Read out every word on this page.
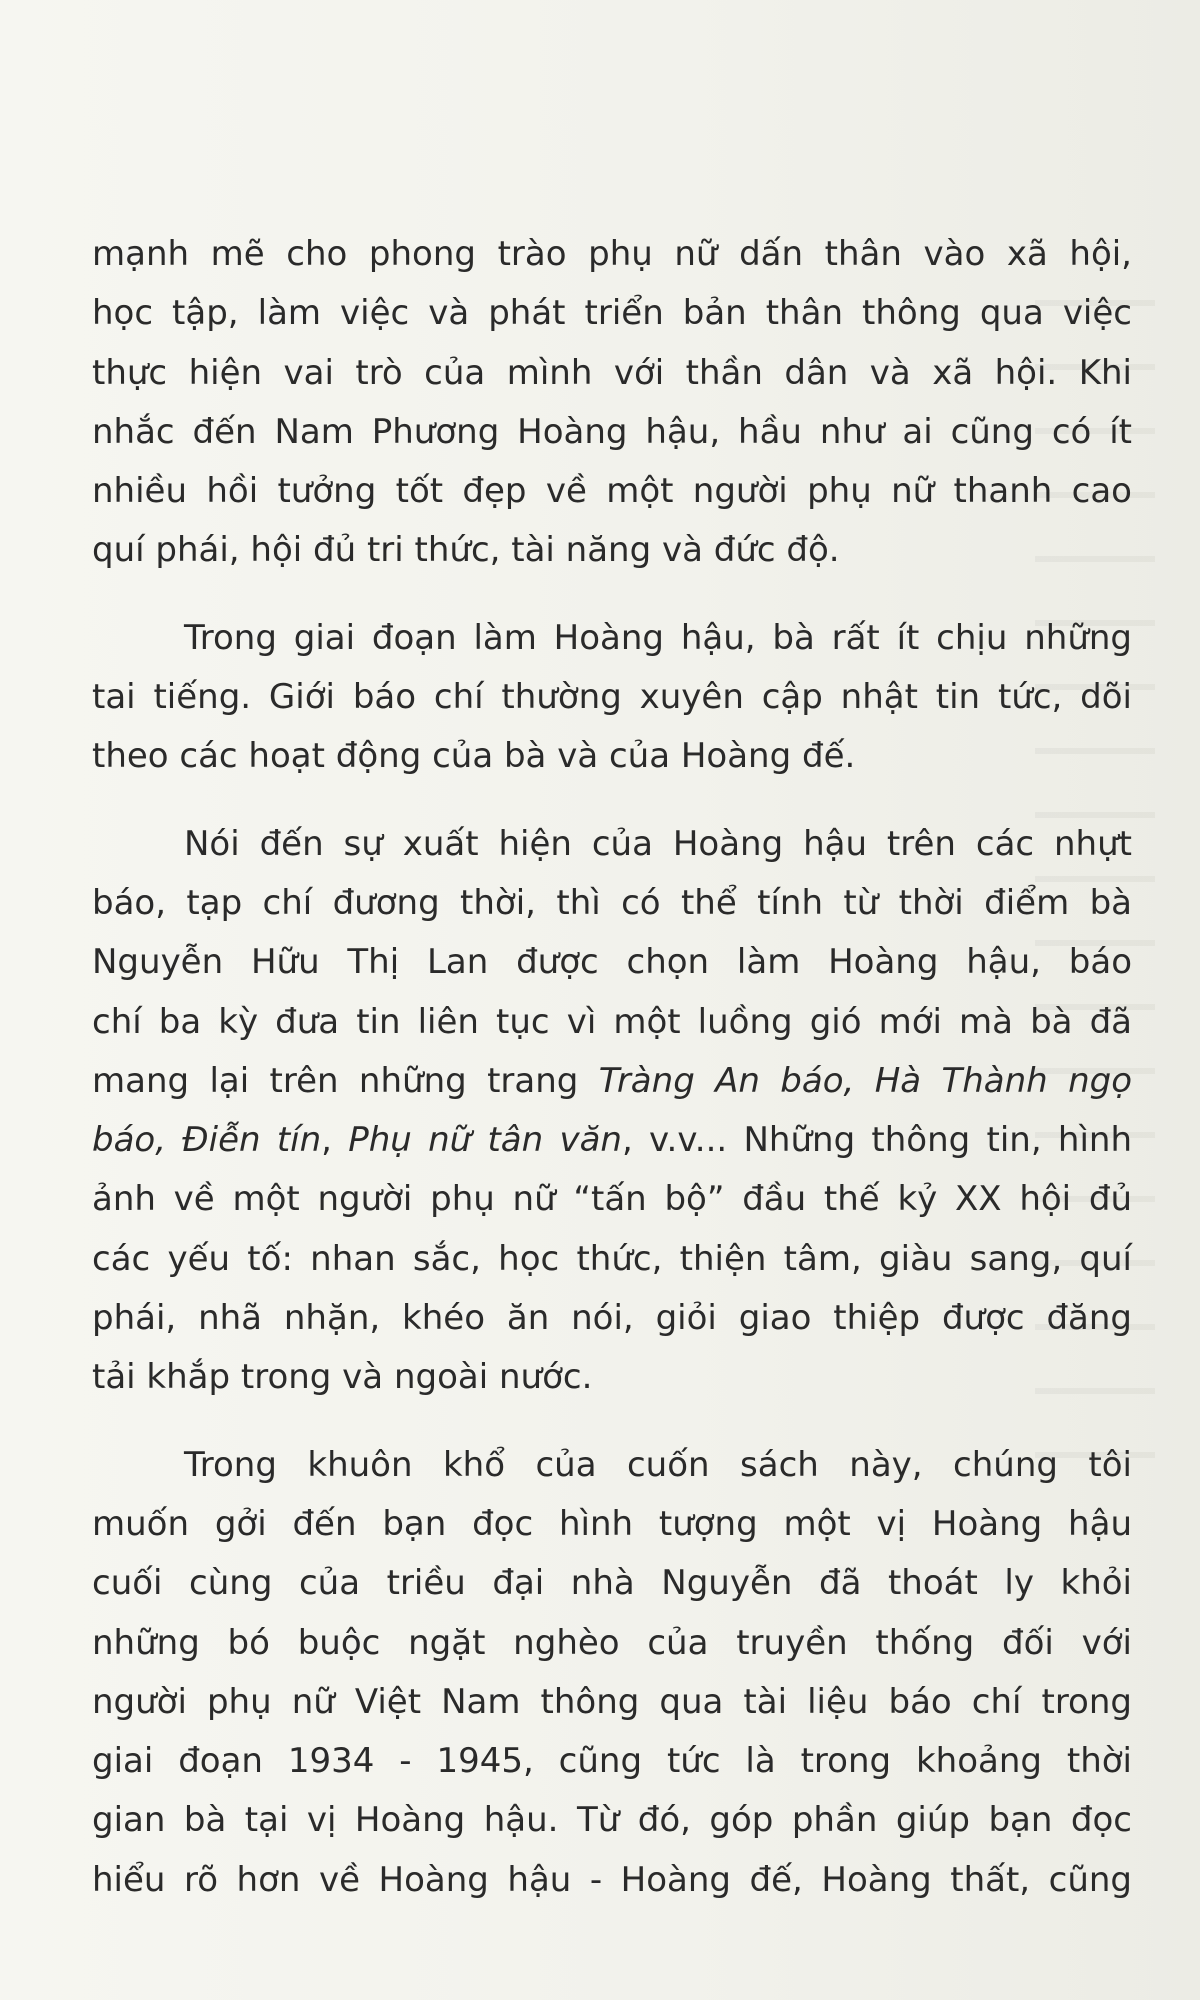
mạnh mẽ cho phong trào phụ nữ dấn thân vào xã hội,
học tập, làm việc và phát triển bản thân thông qua việc
thực hiện vai trò của mình với thần dân và xã hội. Khi
nhắc đến Nam Phương Hoàng hậu, hầu như ai cũng có ít
nhiều hồi tưởng tốt đẹp về một người phụ nữ thanh cao
quí phái, hội đủ tri thức, tài năng và đức độ.
Trong giai đoạn làm Hoàng hậu, bà rất ít chịu những
tai tiếng. Giới báo chí thường xuyên cập nhật tin tức, dõi
theo các hoạt động của bà và của Hoàng đế.
Nói đến sự xuất hiện của Hoàng hậu trên các nhựt
báo, tạp chí đương thời, thì có thể tính từ thời điểm bà
Nguyễn Hữu Thị Lan được chọn làm Hoàng hậu, báo
chí ba kỳ đưa tin liên tục vì một luồng gió mới mà bà đã
mang lại trên những trang Tràng An báo, Hà Thành ngọ
báo, Điễn tín, Phụ nữ tân văn, v.v... Những thông tin, hình
ảnh về một người phụ nữ “tấn bộ” đầu thế kỷ XX hội đủ
các yếu tố: nhan sắc, học thức, thiện tâm, giàu sang, quí
phái, nhã nhặn, khéo ăn nói, giỏi giao thiệp được đăng
tải khắp trong và ngoài nước.
Trong khuôn khổ của cuốn sách này, chúng tôi
muốn gởi đến bạn đọc hình tượng một vị Hoàng hậu
cuối cùng của triều đại nhà Nguyễn đã thoát ly khỏi
những bó buộc ngặt nghèo của truyền thống đối với
người phụ nữ Việt Nam thông qua tài liệu báo chí trong
giai đoạn 1934 - 1945, cũng tức là trong khoảng thời
gian bà tại vị Hoàng hậu. Từ đó, góp phần giúp bạn đọc
hiểu rõ hơn về Hoàng hậu - Hoàng đế, Hoàng thất, cũng
